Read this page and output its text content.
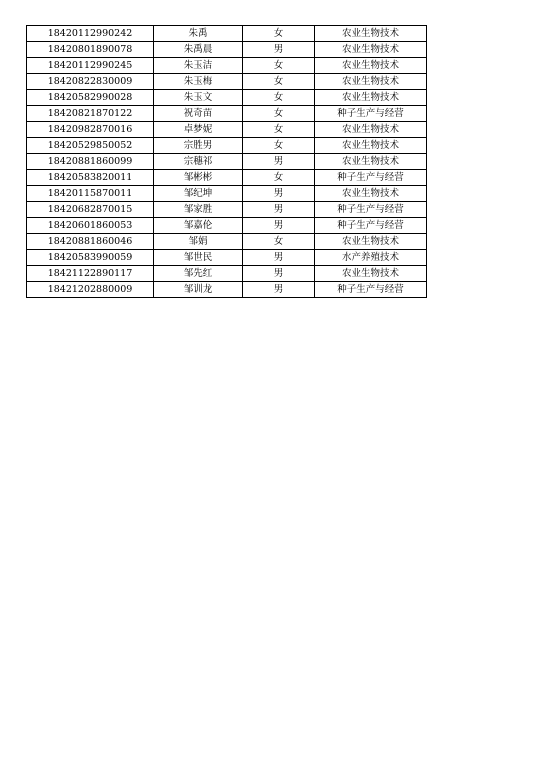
18420112990242	朱禹	女	农业生物技术
18420801890078	朱禹晨	男	农业生物技术
18420112990245	朱玉洁	女	农业生物技术
18420822830009	朱玉梅	女	农业生物技术
18420582990028	朱玉文	女	农业生物技术
18420821870122	祝奇苗	女	种子生产与经营
18420982870016	卓梦妮	女	农业生物技术
18420529850052	宗胜男	女	农业生物技术
18420881860099	宗穗祁	男	农业生物技术
18420583820011	邹彬彬	女	种子生产与经营
18420115870011	邹纪坤	男	农业生物技术
18420682870015	邹家胜	男	种子生产与经营
18420601860053	邹嘉伦	男	种子生产与经营
18420881860046	邹娟	女	农业生物技术
18420583990059	邹世民	男	水产养殖技术
18421122890117	邹先红	男	农业生物技术
18421202880009	邹训龙	男	种子生产与经营
